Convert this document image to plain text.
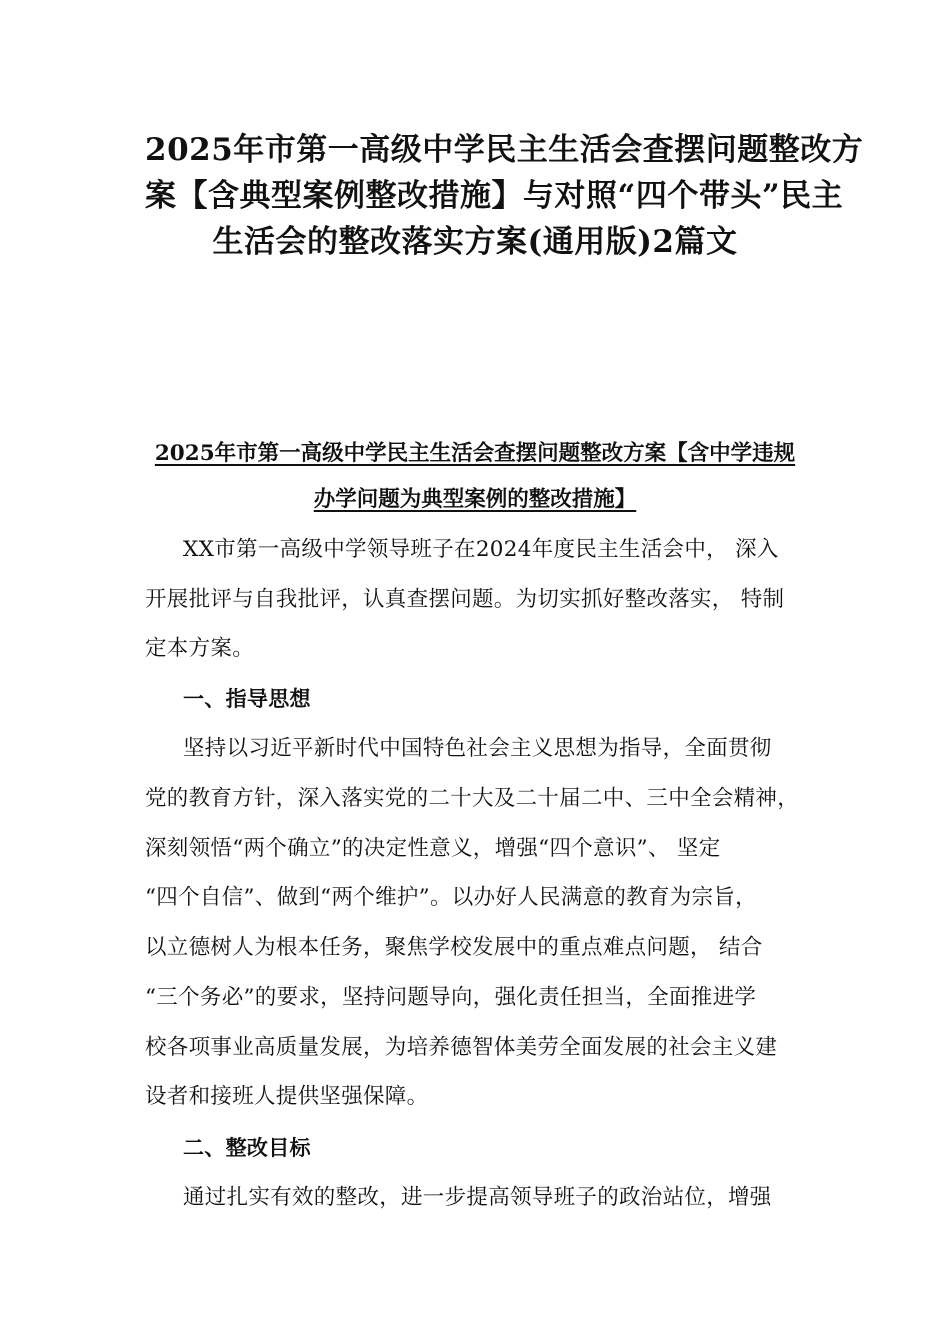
2025年市第一高级中学民主生活会查摆问题整改方
案【含典型案例整改措施】与对照“四个带头”民主
生活会的整改落实方案(通用版)2篇文
2025年市第一高级中学民主生活会查摆问题整改方案【含中学违规
办学问题为典型案例的整改措施】
XX市第一高级中学领导班子在2024年度民主生活会中， 深入
开展批评与自我批评，认真查摆问题。为切实抓好整改落实， 特制
定本方案。
一、指导思想
坚持以习近平新时代中国特色社会主义思想为指导，全面贯彻
党的教育方针，深入落实党的二十大及二十届二中、三中全会精神，
深刻领悟“两个确立”的决定性意义，增强“四个意识”、 坚定
“四个自信”、做到“两个维护”。以办好人民满意的教育为宗旨，
以立德树人为根本任务，聚焦学校发展中的重点难点问题， 结合
“三个务必”的要求，坚持问题导向，强化责任担当，全面推进学
校各项事业高质量发展，为培养德智体美劳全面发展的社会主义建
设者和接班人提供坚强保障。
二、整改目标
通过扎实有效的整改，进一步提高领导班子的政治站位，增强
